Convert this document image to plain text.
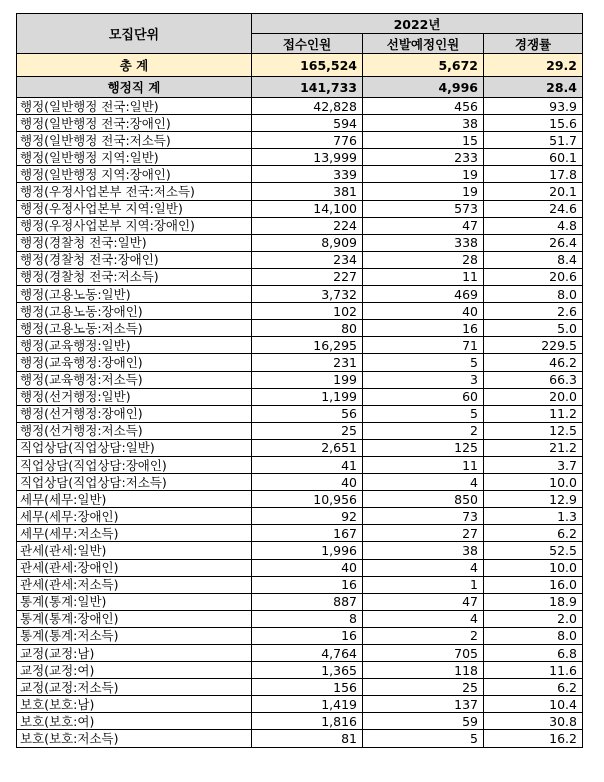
모집단위	2022년		
	접수인원	선발예정인원	경쟁률
총 계	165,524	5,672	29.2
행정직 계	141,733	4,996	28.4
행정(일반행정 전국:일반)	42,828	456	93.9
행정(일반행정 전국:장애인)	594	38	15.6
행정(일반행정 전국:저소득)	776	15	51.7
행정(일반행정 지역:일반)	13,999	233	60.1
행정(일반행정 지역:장애인)	339	19	17.8
행정(우정사업본부 전국:저소득)	381	19	20.1
행정(우정사업본부 지역:일반)	14,100	573	24.6
행정(우정사업본부 지역:장애인)	224	47	4.8
행정(경찰청 전국:일반)	8,909	338	26.4
행정(경찰청 전국:장애인)	234	28	8.4
행정(경찰청 전국:저소득)	227	11	20.6
행정(고용노동:일반)	3,732	469	8.0
행정(고용노동:장애인)	102	40	2.6
행정(고용노동:저소득)	80	16	5.0
행정(교육행정:일반)	16,295	71	229.5
행정(교육행정:장애인)	231	5	46.2
행정(교육행정:저소득)	199	3	66.3
행정(선거행정:일반)	1,199	60	20.0
행정(선거행정:장애인)	56	5	11.2
행정(선거행정:저소득)	25	2	12.5
직업상담(직업상담:일반)	2,651	125	21.2
직업상담(직업상담:장애인)	41	11	3.7
직업상담(직업상담:저소득)	40	4	10.0
세무(세무:일반)	10,956	850	12.9
세무(세무:장애인)	92	73	1.3
세무(세무:저소득)	167	27	6.2
관세(관세:일반)	1,996	38	52.5
관세(관세:장애인)	40	4	10.0
관세(관세:저소득)	16	1	16.0
통계(통계:일반)	887	47	18.9
통계(통계:장애인)	8	4	2.0
통계(통계:저소득)	16	2	8.0
교정(교정:남)	4,764	705	6.8
교정(교정:여)	1,365	118	11.6
교정(교정:저소득)	156	25	6.2
보호(보호:남)	1,419	137	10.4
보호(보호:여)	1,816	59	30.8
보호(보호:저소득)	81	5	16.2
